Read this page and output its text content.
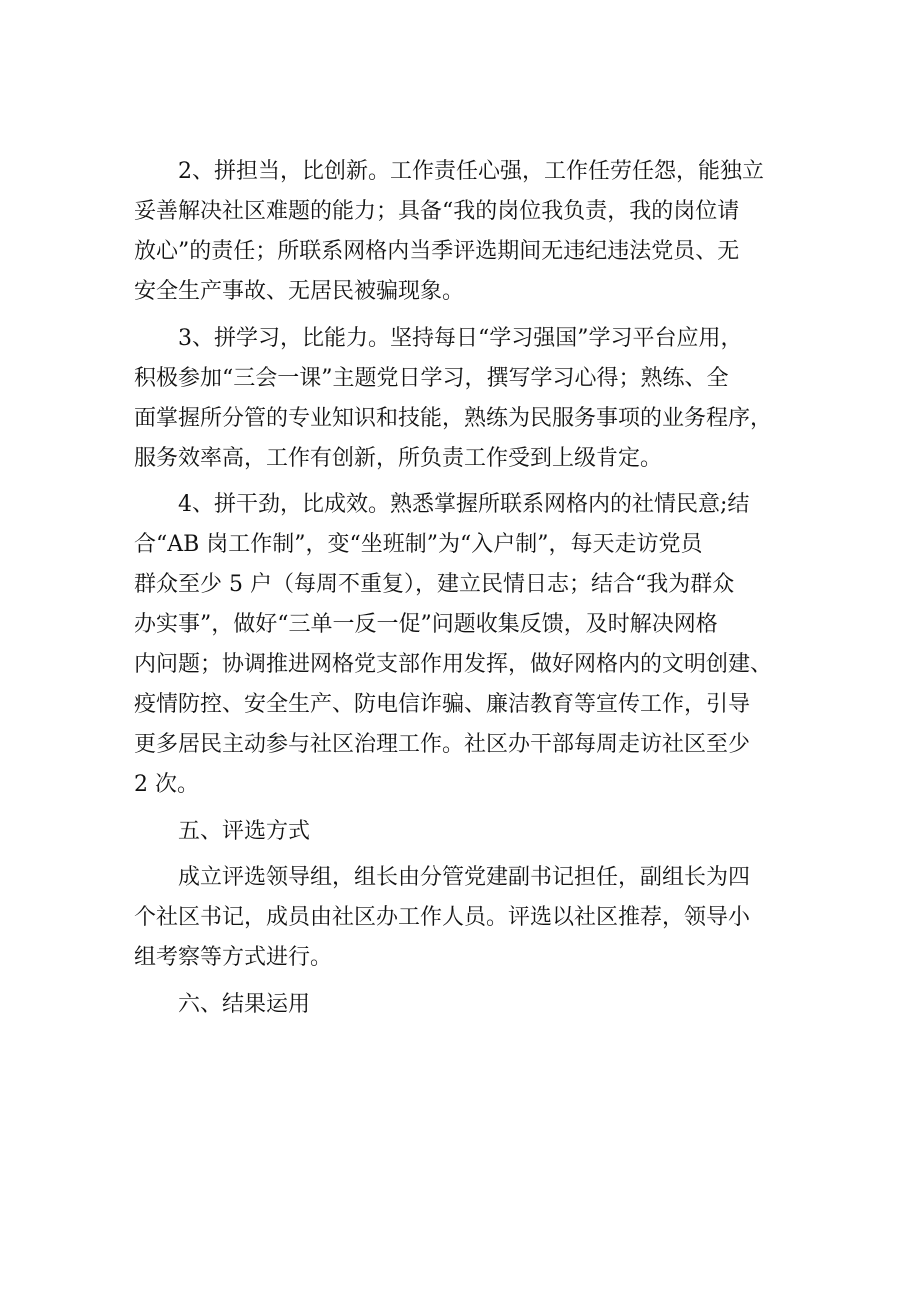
2、拼担当，比创新。工作责任心强，工作任劳任怨，能独立
妥善解决社区难题的能力；具备“我的岗位我负责，我的岗位请
放心”的责任；所联系网格内当季评选期间无违纪违法党员、无
安全生产事故、无居民被骗现象。

3、拼学习，比能力。坚持每日“学习强国”学习平台应用，
积极参加“三会一课”主题党日学习，撰写学习心得；熟练、全
面掌握所分管的专业知识和技能，熟练为民服务事项的业务程序，
服务效率高，工作有创新，所负责工作受到上级肯定。

4、拼干劲，比成效。熟悉掌握所联系网格内的社情民意;结
合“AB 岗工作制”，变“坐班制”为“入户制”，每天走访党员
群众至少 5 户（每周不重复），建立民情日志；结合“我为群众
办实事”，做好“三单一反一促”问题收集反馈，及时解决网格
内问题；协调推进网格党支部作用发挥，做好网格内的文明创建、
疫情防控、安全生产、防电信诈骗、廉洁教育等宣传工作，引导
更多居民主动参与社区治理工作。社区办干部每周走访社区至少
2 次。

五、评选方式

成立评选领导组，组长由分管党建副书记担任，副组长为四
个社区书记，成员由社区办工作人员。评选以社区推荐，领导小
组考察等方式进行。

六、结果运用
